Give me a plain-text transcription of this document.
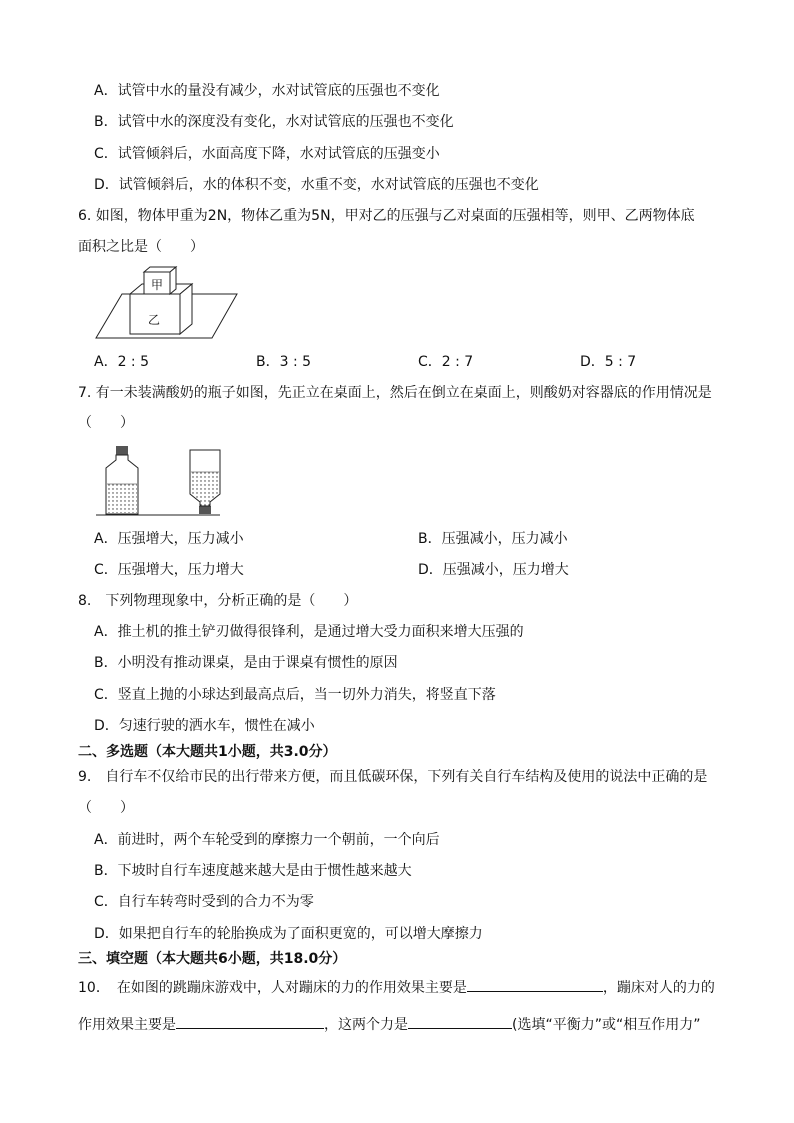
A．试管中水的量没有减少，水对试管底的压强也不变化
B．试管中水的深度没有变化，水对试管底的压强也不变化
C．试管倾斜后，水面高度下降，水对试管底的压强变小
D．试管倾斜后，水的体积不变，水重不变，水对试管底的压强也不变化
6. 如图，物体甲重为2N，物体乙重为5N，甲对乙的压强与乙对桌面的压强相等，则甲、乙两物体底
面积之比是（　　）
甲
乙
A．2 : 5	B．3 : 5	C．2 : 7	D．5 : 7
7. 有一未装满酸奶的瓶子如图，先正立在桌面上，然后在倒立在桌面上，则酸奶对容器底的作用情况是
（　　）
A．压强增大，压力减小	B．压强减小，压力减小
C．压强增大，压力增大	D．压强减小，压力增大
8.　下列物理现象中，分析正确的是（　　）
A．推土机的推土铲刃做得很锋利，是通过增大受力面积来增大压强的
B．小明没有推动课桌，是由于课桌有惯性的原因
C．竖直上抛的小球达到最高点后，当一切外力消失，将竖直下落
D．匀速行驶的洒水车，惯性在减小
二、多选题（本大题共1小题，共3.0分）
9.　自行车不仅给市民的出行带来方便，而且低碳环保，下列有关自行车结构及使用的说法中正确的是
（　　）
A．前进时，两个车轮受到的摩擦力一个朝前，一个向后
B．下坡时自行车速度越来越大是由于惯性越来越大
C．自行车转弯时受到的合力不为零
D．如果把自行车的轮胎换成为了面积更宽的，可以增大摩擦力
三、填空题（本大题共6小题，共18.0分）
10．　在如图的跳蹦床游戏中，人对蹦床的力的作用效果主要是	，蹦床对人的力的
作用效果主要是	，这两个力是	(选填“平衡力”或“相互作用力”
